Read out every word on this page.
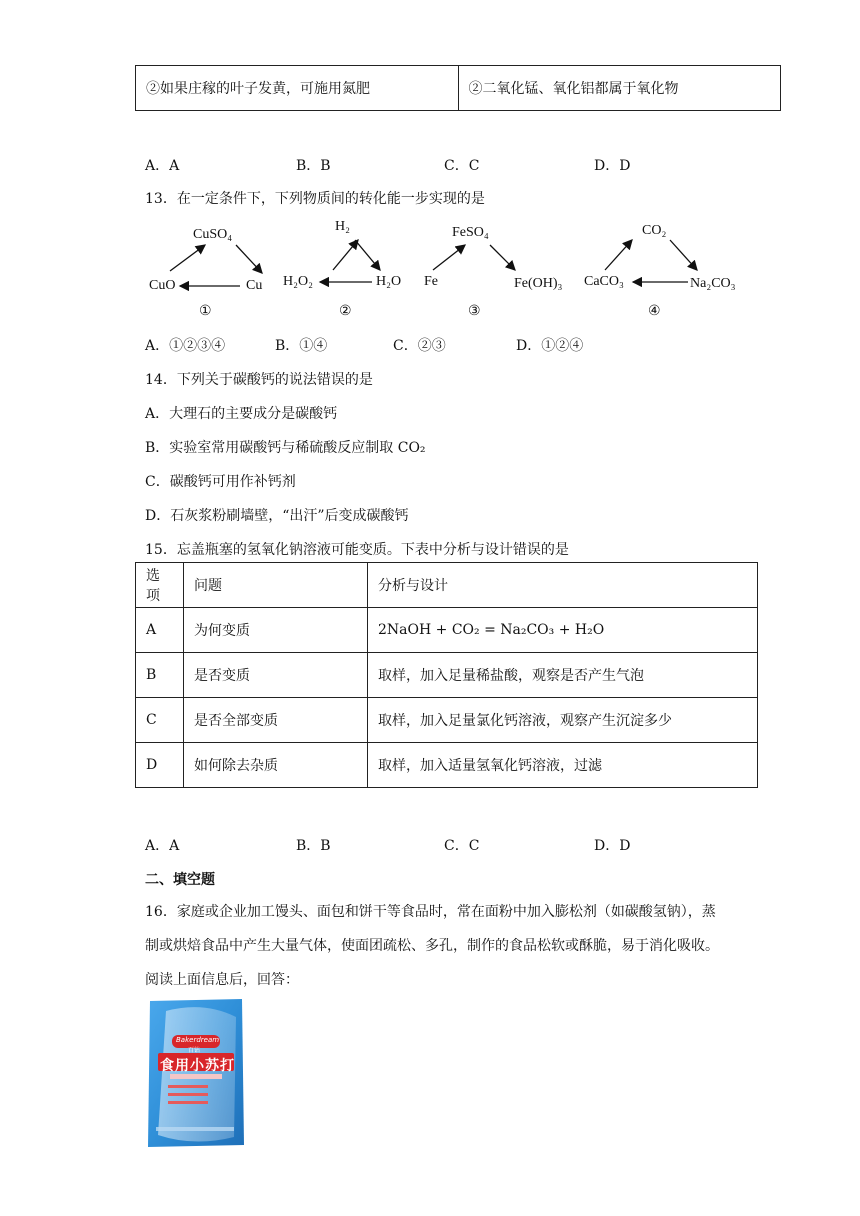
②如果庄稼的叶子发黄，可施用氮肥	②二氧化锰、氧化铝都属于氧化物
A．A	B．B	C．C	D．D
13．在一定条件下，下列物质间的转化能一步实现的是
CuSO₄
CuO	Cu
①
H₂
H₂O₂	H₂O
②
FeSO₄
Fe	Fe(OH)₃
③
CO₂
CaCO₃	Na₂CO₃
④
A．①②③④	B．①④	C．②③	D．①②④
14．下列关于碳酸钙的说法错误的是
A．大理石的主要成分是碳酸钙
B．实验室常用碳酸钙与稀硫酸反应制取 CO₂
C．碳酸钙可用作补钙剂
D．石灰浆粉刷墙壁，“出汗”后变成碳酸钙
15．忘盖瓶塞的氢氧化钠溶液可能变质。下表中分析与设计错误的是
选项	问题	分析与设计
A	为何变质	2NaOH + CO₂ = Na₂CO₃ + H₂O
B	是否变质	取样，加入足量稀盐酸，观察是否产生气泡
C	是否全部变质	取样，加入足量氯化钙溶液，观察产生沉淀多少
D	如何除去杂质	取样，加入适量氢氧化钙溶液，过滤
A．A	B．B	C．C	D．D
二、填空题
16．家庭或企业加工馒头、面包和饼干等食品时，常在面粉中加入膨松剂（如碳酸氢钠），蒸制或烘焙食品中产生大量气体，使面团疏松、多孔，制作的食品松软或酥脆，易于消化吸收。阅读上面信息后，回答：
Bakerdream
百钻
食用小苏打
